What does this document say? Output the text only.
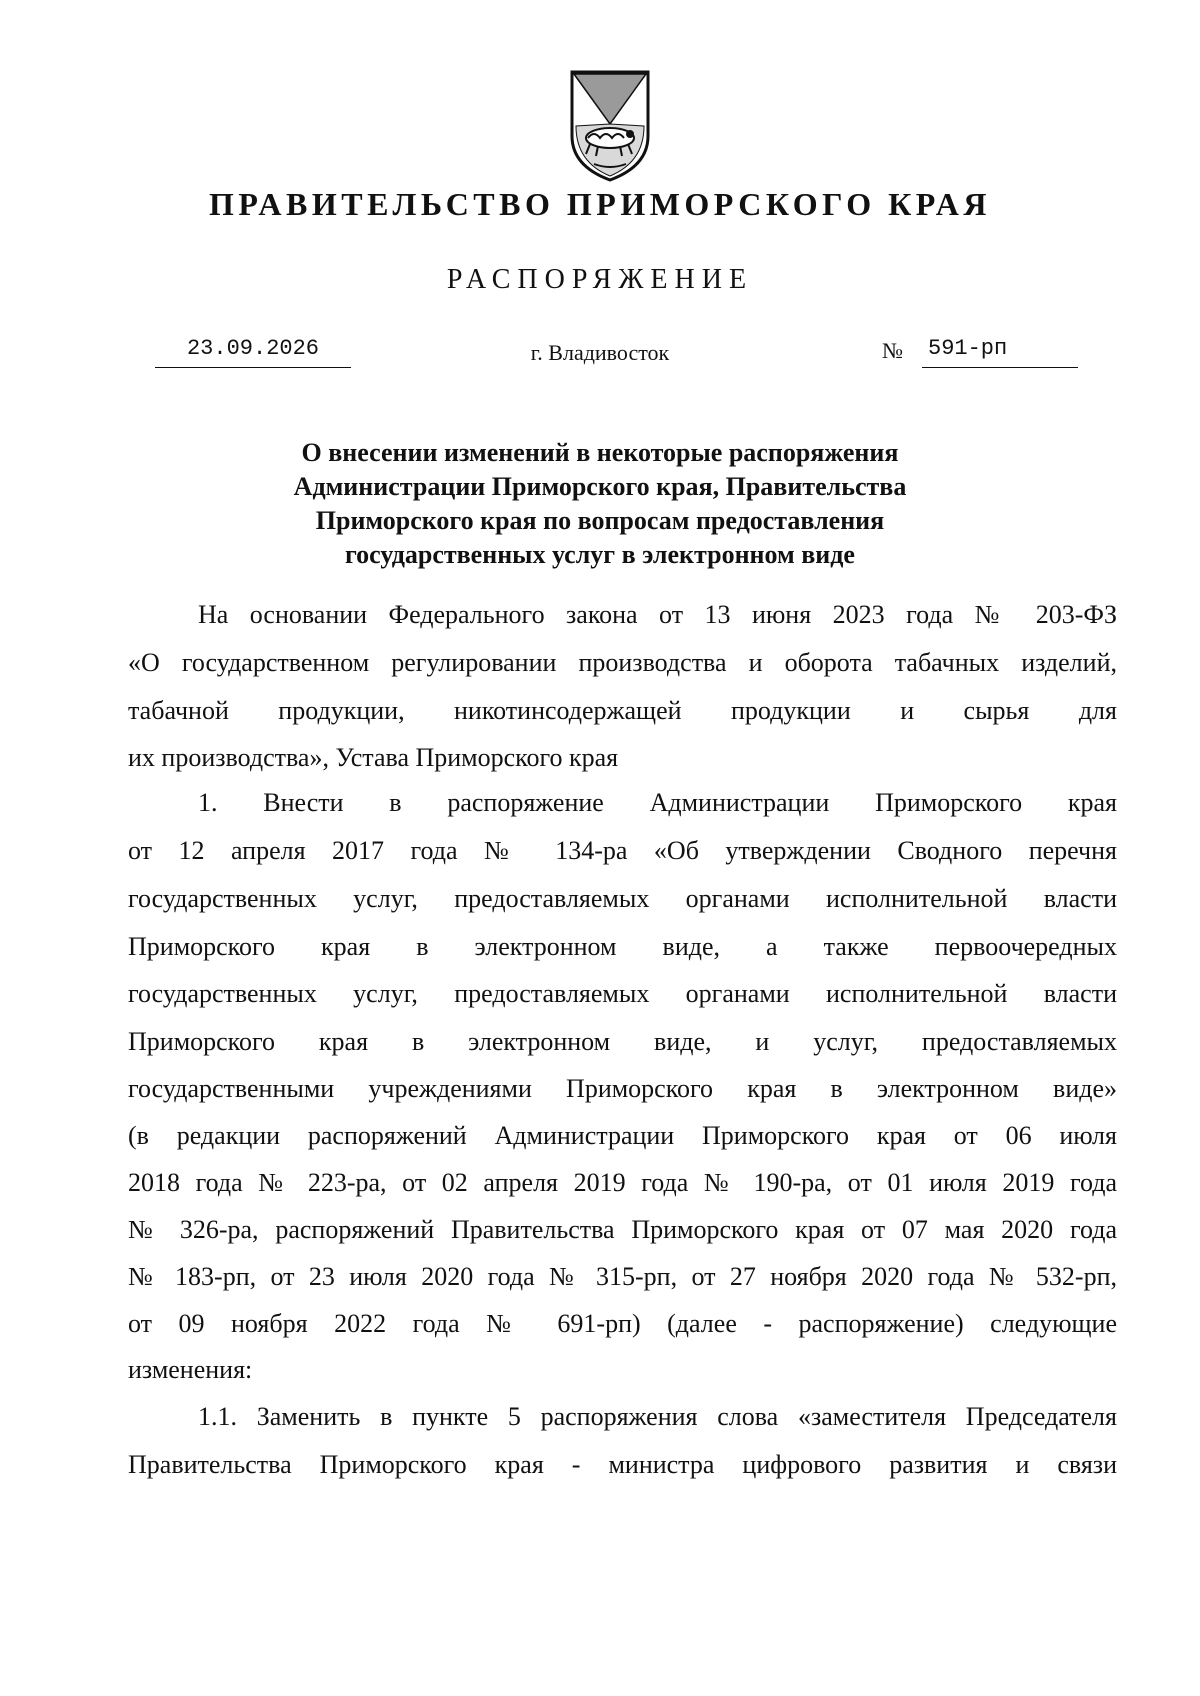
ПРАВИТЕЛЬСТВО ПРИМОРСКОГО КРАЯ
РАСПОРЯЖЕНИЕ
23.09.2026	г. Владивосток	№ 591-рп
О внесении изменений в некоторые распоряжения
Администрации Приморского края, Правительства
Приморского края по вопросам предоставления
государственных услуг в электронном виде
На основании Федерального закона от 13 июня 2023 года № 203-ФЗ
«О государственном регулировании производства и оборота табачных изделий,
табачной продукции, никотинсодержащей продукции и сырья для
их производства», Устава Приморского края
1. Внести в распоряжение Администрации Приморского края
от 12 апреля 2017 года № 134-ра «Об утверждении Сводного перечня
государственных услуг, предоставляемых органами исполнительной власти
Приморского края в электронном виде, а также первоочередных
государственных услуг, предоставляемых органами исполнительной власти
Приморского края в электронном виде, и услуг, предоставляемых
государственными учреждениями Приморского края в электронном виде»
(в редакции распоряжений Администрации Приморского края от 06 июля
2018 года № 223-ра, от 02 апреля 2019 года № 190-ра, от 01 июля 2019 года
№ 326-ра, распоряжений Правительства Приморского края от 07 мая 2020 года
№ 183-рп, от 23 июля 2020 года № 315-рп, от 27 ноября 2020 года № 532-рп,
от 09 ноября 2022 года № 691-рп) (далее - распоряжение) следующие
изменения:
1.1. Заменить в пункте 5 распоряжения слова «заместителя Председателя
Правительства Приморского края - министра цифрового развития и связи
